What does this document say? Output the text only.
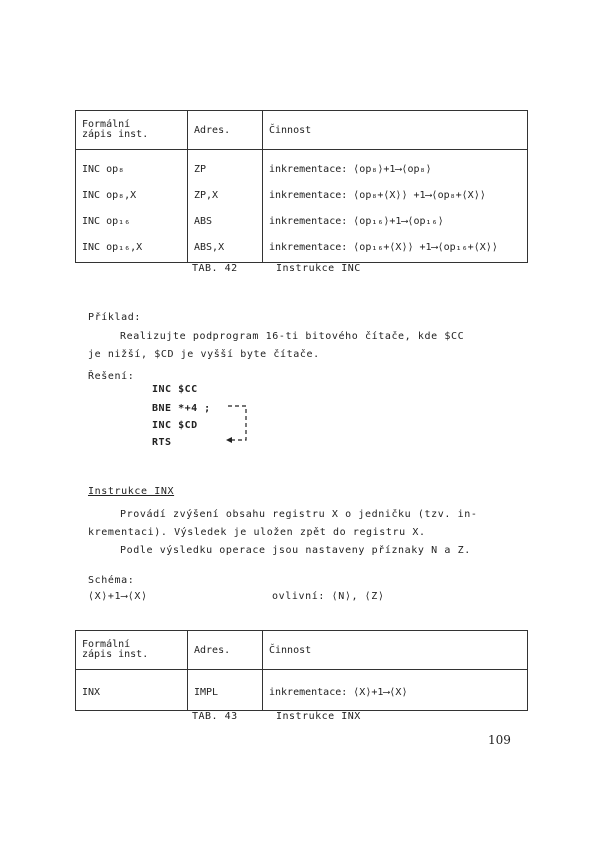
Formální
zápis inst.	Adres.	Činnost
INC op₈	ZP	inkrementace: ⟨op₈⟩+1⟶⟨op₈⟩
INC op₈,X	ZP,X	inkrementace: ⟨op₈+⟨X⟩⟩ +1⟶⟨op₈+⟨X⟩⟩
INC op₁₆	ABS	inkrementace: ⟨op₁₆⟩+1⟶⟨op₁₆⟩
INC op₁₆,X	ABS,X	inkrementace: ⟨op₁₆+⟨X⟩⟩ +1⟶⟨op₁₆+⟨X⟩⟩
TAB. 42	Instrukce INC
Příklad:
Realizujte podprogram 16-ti bitového čítače, kde $CC
je nižší, $CD je vyšší byte čítače.
Řešení:
INC $CC
BNE *+4 ;
INC $CD
RTS
Instrukce INX
Provádí zvýšení obsahu registru X o jedničku (tzv. in-
krementaci). Výsledek je uložen zpět do registru X.
Podle výsledku operace jsou nastaveny příznaky N a Z.
Schéma:
⟨X⟩+1⟶⟨X⟩	ovlivní: ⟨N⟩, ⟨Z⟩
Formální
zápis inst.	Adres.	Činnost
INX	IMPL	inkrementace: ⟨X⟩+1⟶⟨X⟩
TAB. 43	Instrukce INX
109
